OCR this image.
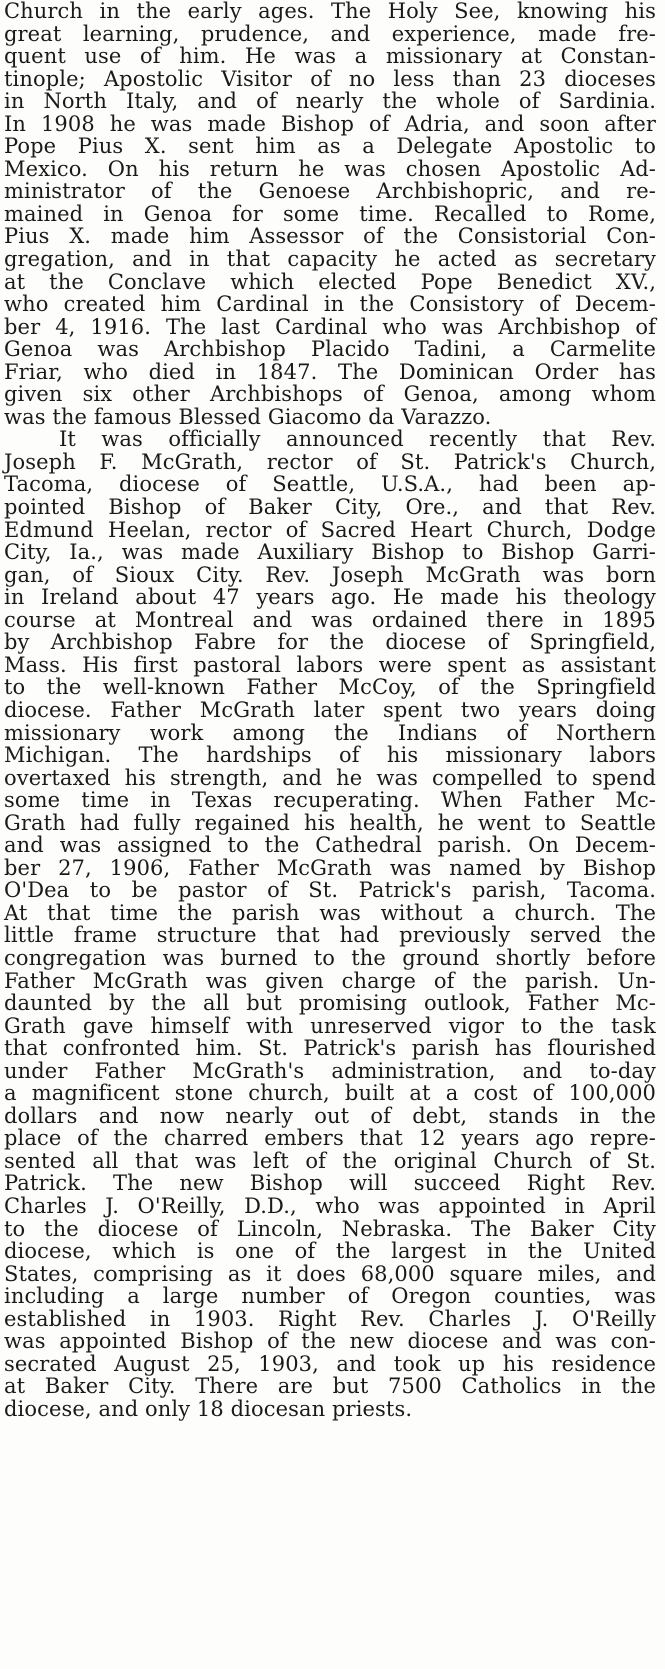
Church in the early ages. The Holy See, knowing his
great learning, prudence, and experience, made fre-
quent use of him. He was a missionary at Constan-
tinople; Apostolic Visitor of no less than 23 dioceses
in North Italy, and of nearly the whole of Sardinia.
In 1908 he was made Bishop of Adria, and soon after
Pope Pius X. sent him as a Delegate Apostolic to
Mexico. On his return he was chosen Apostolic Ad-
ministrator of the Genoese Archbishopric, and re-
mained in Genoa for some time. Recalled to Rome,
Pius X. made him Assessor of the Consistorial Con-
gregation, and in that capacity he acted as secretary
at the Conclave which elected Pope Benedict XV.,
who created him Cardinal in the Consistory of Decem-
ber 4, 1916. The last Cardinal who was Archbishop of
Genoa was Archbishop Placido Tadini, a Carmelite
Friar, who died in 1847. The Dominican Order has
given six other Archbishops of Genoa, among whom
was the famous Blessed Giacomo da Varazzo.
It was officially announced recently that Rev.
Joseph F. McGrath, rector of St. Patrick's Church,
Tacoma, diocese of Seattle, U.S.A., had been ap-
pointed Bishop of Baker City, Ore., and that Rev.
Edmund Heelan, rector of Sacred Heart Church, Dodge
City, Ia., was made Auxiliary Bishop to Bishop Garri-
gan, of Sioux City. Rev. Joseph McGrath was born
in Ireland about 47 years ago. He made his theology
course at Montreal and was ordained there in 1895
by Archbishop Fabre for the diocese of Springfield,
Mass. His first pastoral labors were spent as assistant
to the well-known Father McCoy, of the Springfield
diocese. Father McGrath later spent two years doing
missionary work among the Indians of Northern
Michigan. The hardships of his missionary labors
overtaxed his strength, and he was compelled to spend
some time in Texas recuperating. When Father Mc-
Grath had fully regained his health, he went to Seattle
and was assigned to the Cathedral parish. On Decem-
ber 27, 1906, Father McGrath was named by Bishop
O'Dea to be pastor of St. Patrick's parish, Tacoma.
At that time the parish was without a church. The
little frame structure that had previously served the
congregation was burned to the ground shortly before
Father McGrath was given charge of the parish. Un-
daunted by the all but promising outlook, Father Mc-
Grath gave himself with unreserved vigor to the task
that confronted him. St. Patrick's parish has flourished
under Father McGrath's administration, and to-day
a magnificent stone church, built at a cost of 100,000
dollars and now nearly out of debt, stands in the
place of the charred embers that 12 years ago repre-
sented all that was left of the original Church of St.
Patrick. The new Bishop will succeed Right Rev.
Charles J. O'Reilly, D.D., who was appointed in April
to the diocese of Lincoln, Nebraska. The Baker City
diocese, which is one of the largest in the United
States, comprising as it does 68,000 square miles, and
including a large number of Oregon counties, was
established in 1903. Right Rev. Charles J. O'Reilly
was appointed Bishop of the new diocese and was con-
secrated August 25, 1903, and took up his residence
at Baker City. There are but 7500 Catholics in the
diocese, and only 18 diocesan priests.
